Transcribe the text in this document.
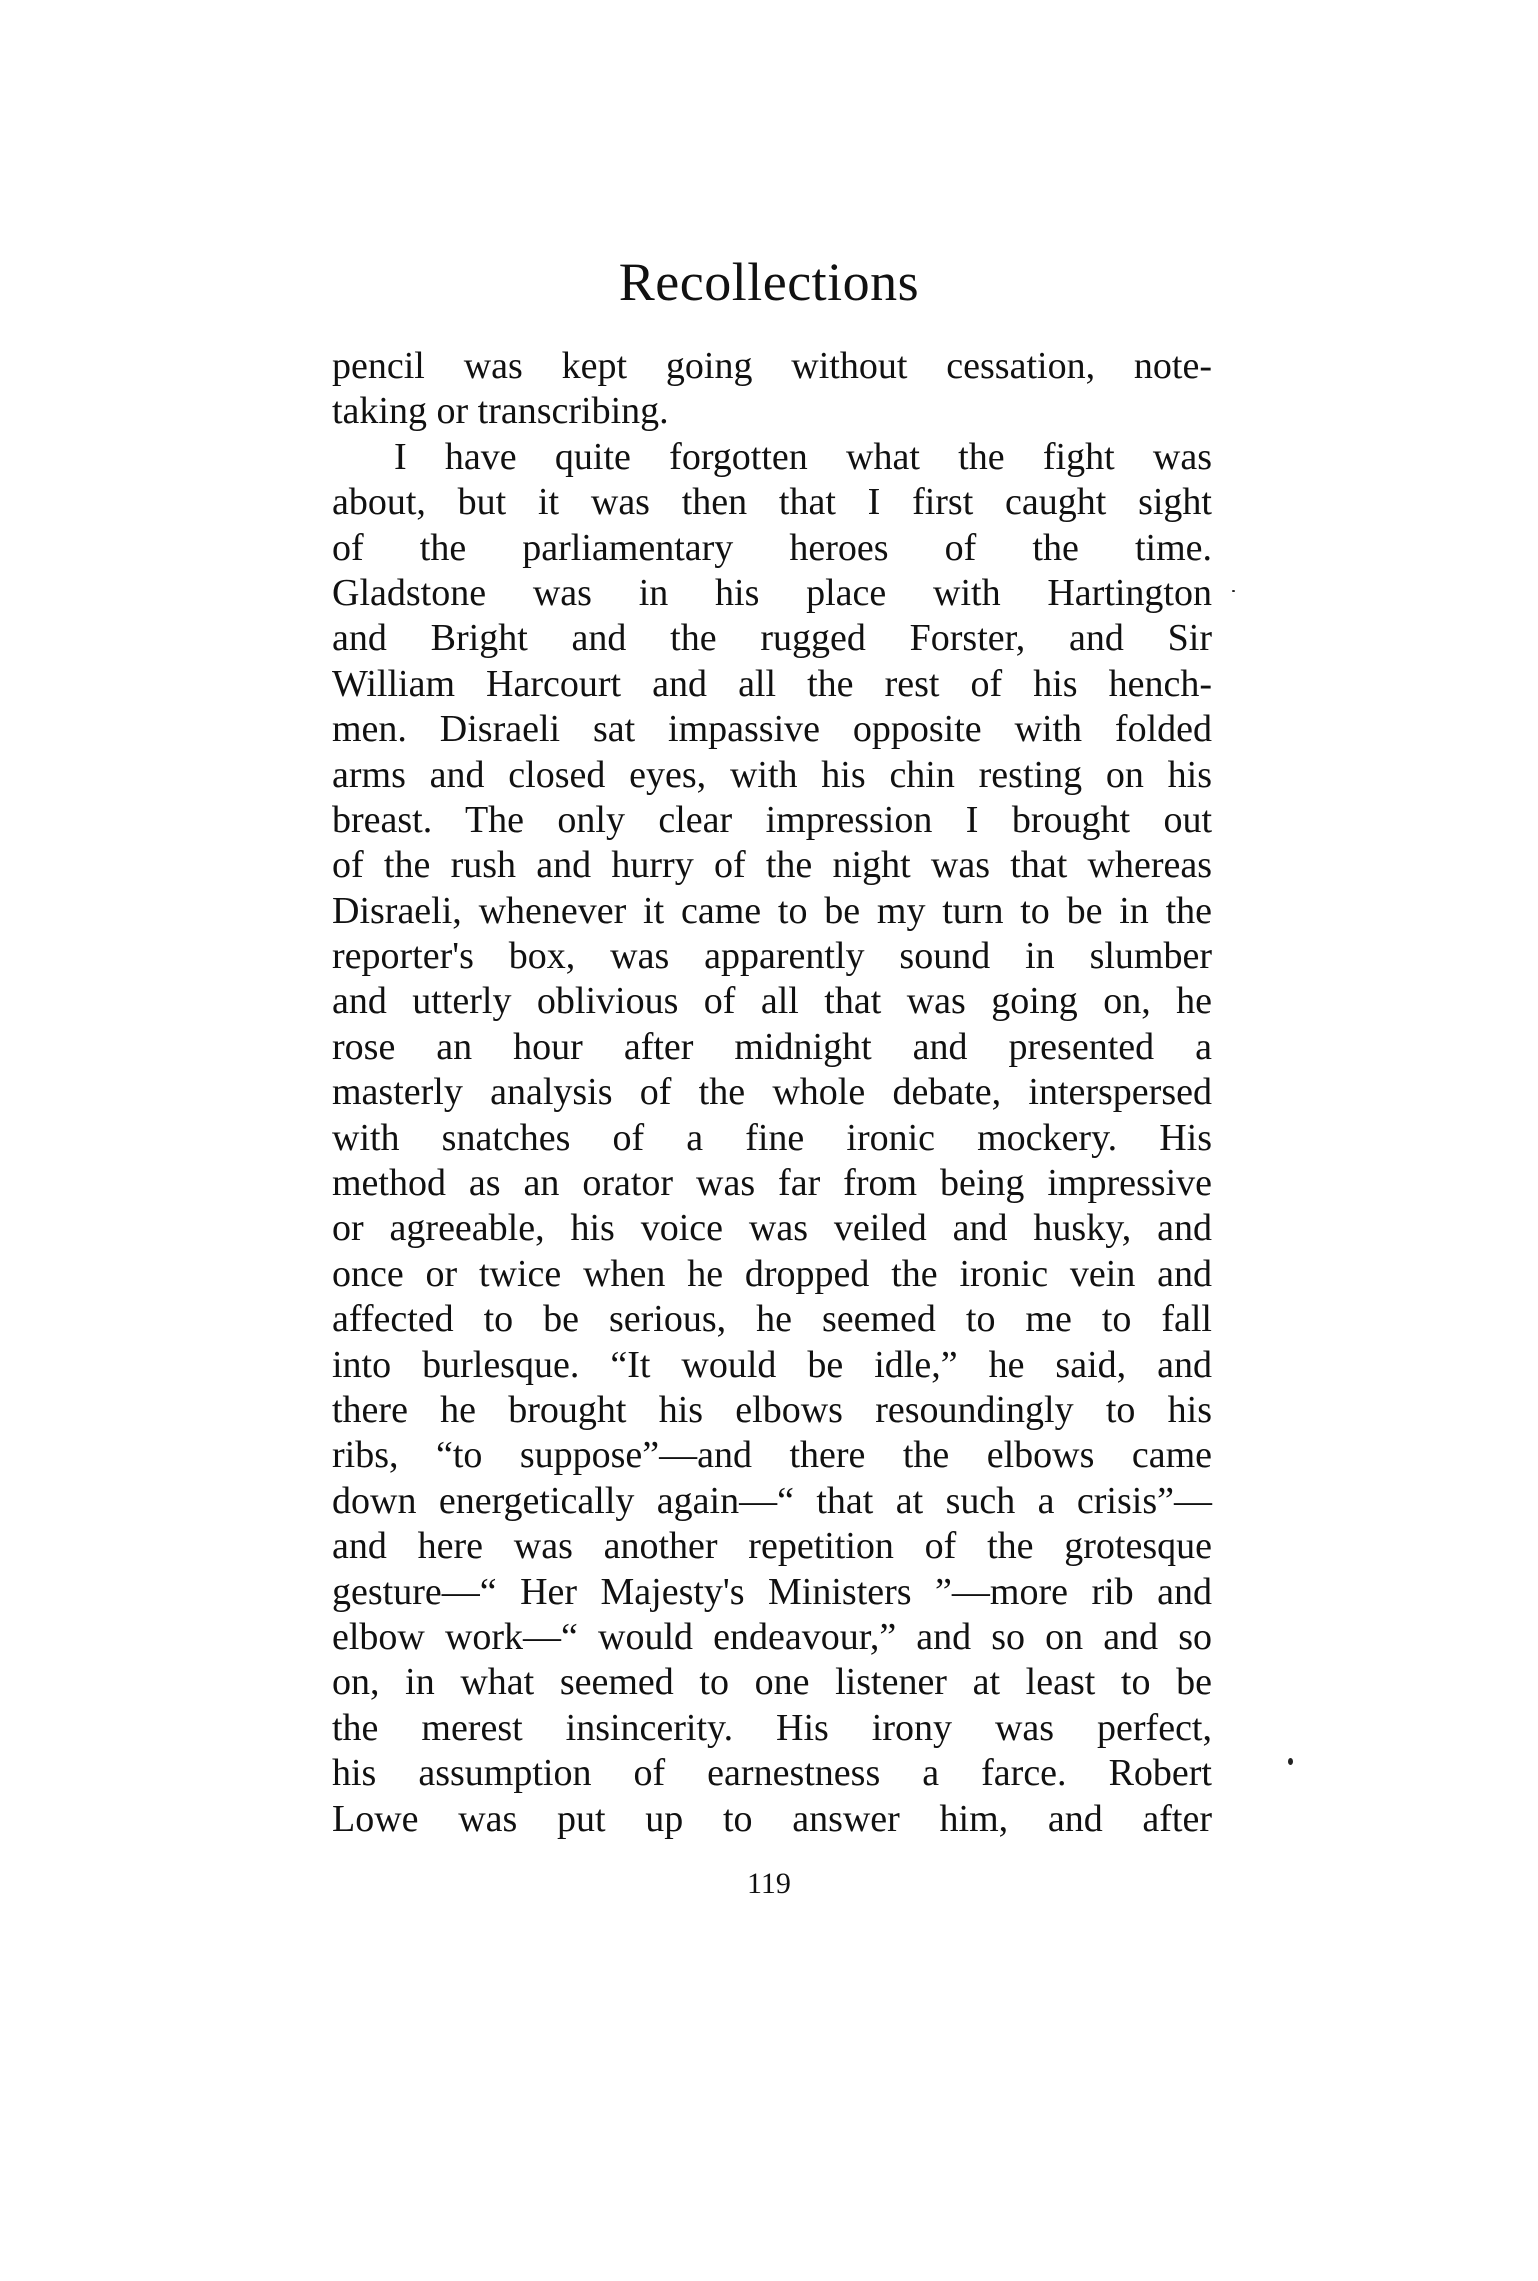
Recollections
pencil was kept going without cessation, note-
taking or transcribing.
I have quite forgotten what the fight was
about, but it was then that I first caught sight
of the parliamentary heroes of the time.
Gladstone was in his place with Hartington
and Bright and the rugged Forster, and Sir
William Harcourt and all the rest of his hench-
men. Disraeli sat impassive opposite with folded
arms and closed eyes, with his chin resting on his
breast. The only clear impression I brought out
of the rush and hurry of the night was that whereas
Disraeli, whenever it came to be my turn to be in the
reporter's box, was apparently sound in slumber
and utterly oblivious of all that was going on, he
rose an hour after midnight and presented a
masterly analysis of the whole debate, interspersed
with snatches of a fine ironic mockery. His
method as an orator was far from being impressive
or agreeable, his voice was veiled and husky, and
once or twice when he dropped the ironic vein and
affected to be serious, he seemed to me to fall
into burlesque. “It would be idle,” he said, and
there he brought his elbows resoundingly to his
ribs, “to suppose”—and there the elbows came
down energetically again—“ that at such a crisis”—
and here was another repetition of the grotesque
gesture—“ Her Majesty's Ministers ”—more rib and
elbow work—“ would endeavour,” and so on and so
on, in what seemed to one listener at least to be
the merest insincerity. His irony was perfect,
his assumption of earnestness a farce. Robert
Lowe was put up to answer him, and after
119
